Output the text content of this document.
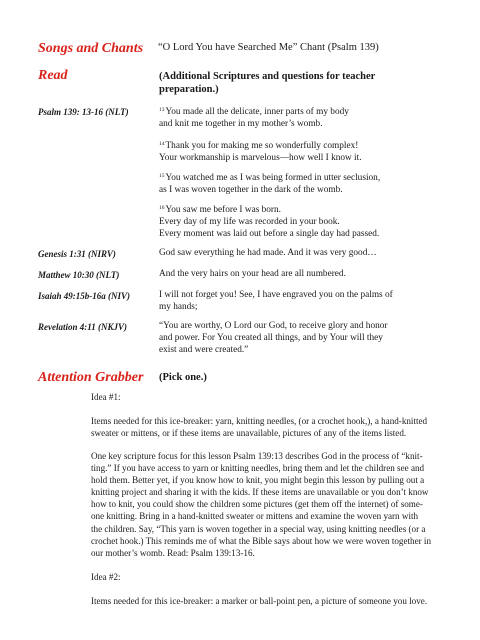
Songs and Chants “O Lord You have Searched Me” Chant (Psalm 139)
Read	(Additional Scriptures and questions for teacher
preparation.)
Psalm 139: 13-16 (NLT)	$^{13}$You made all the delicate, inner parts of my body
and knit me together in my mother’s womb.
$^{14}$Thank you for making me so wonderfully complex!
Your workmanship is marvelous—how well I know it.
$^{15}$You watched me as I was being formed in utter seclusion,
as I was woven together in the dark of the womb.
$^{16}$You saw me before I was born.
Every day of my life was recorded in your book.
Every moment was laid out before a single day had passed.
Genesis 1:31 (NIRV)	God saw everything he had made. And it was very good…
Matthew 10:30 (NLT)	And the very hairs on your head are all numbered.
Isaiah 49:15b-16a (NIV)	I will not forget you! See, I have engraved you on the palms of
my hands;
Revelation 4:11 (NKJV)	“You are worthy, O Lord our God, to receive glory and honor
and power. For You created all things, and by Your will they
exist and were created.”
Attention Grabber (Pick one.)
Idea #1:
Items needed for this ice-breaker: yarn, knitting needles, (or a crochet hook,), a hand-knitted
sweater or mittens, or if these items are unavailable, pictures of any of the items listed.
One key scripture focus for this lesson Psalm 139:13 describes God in the process of “knit-
ting.” If you have access to yarn or knitting needles, bring them and let the children see and
hold them. Better yet, if you know how to knit, you might begin this lesson by pulling out a
knitting project and sharing it with the kids. If these items are unavailable or you don’t know
how to knit, you could show the children some pictures (get them off the internet) of some-
one knitting. Bring in a hand-knitted sweater or mittens and examine the woven yarn with
the children. Say, “This yarn is woven together in a special way, using knitting needles (or a
crochet hook.) This reminds me of what the Bible says about how we were woven together in
our mother’s womb. Read: Psalm 139:13-16.
Idea #2:
Items needed for this ice-breaker: a marker or ball-point pen, a picture of someone you love.
